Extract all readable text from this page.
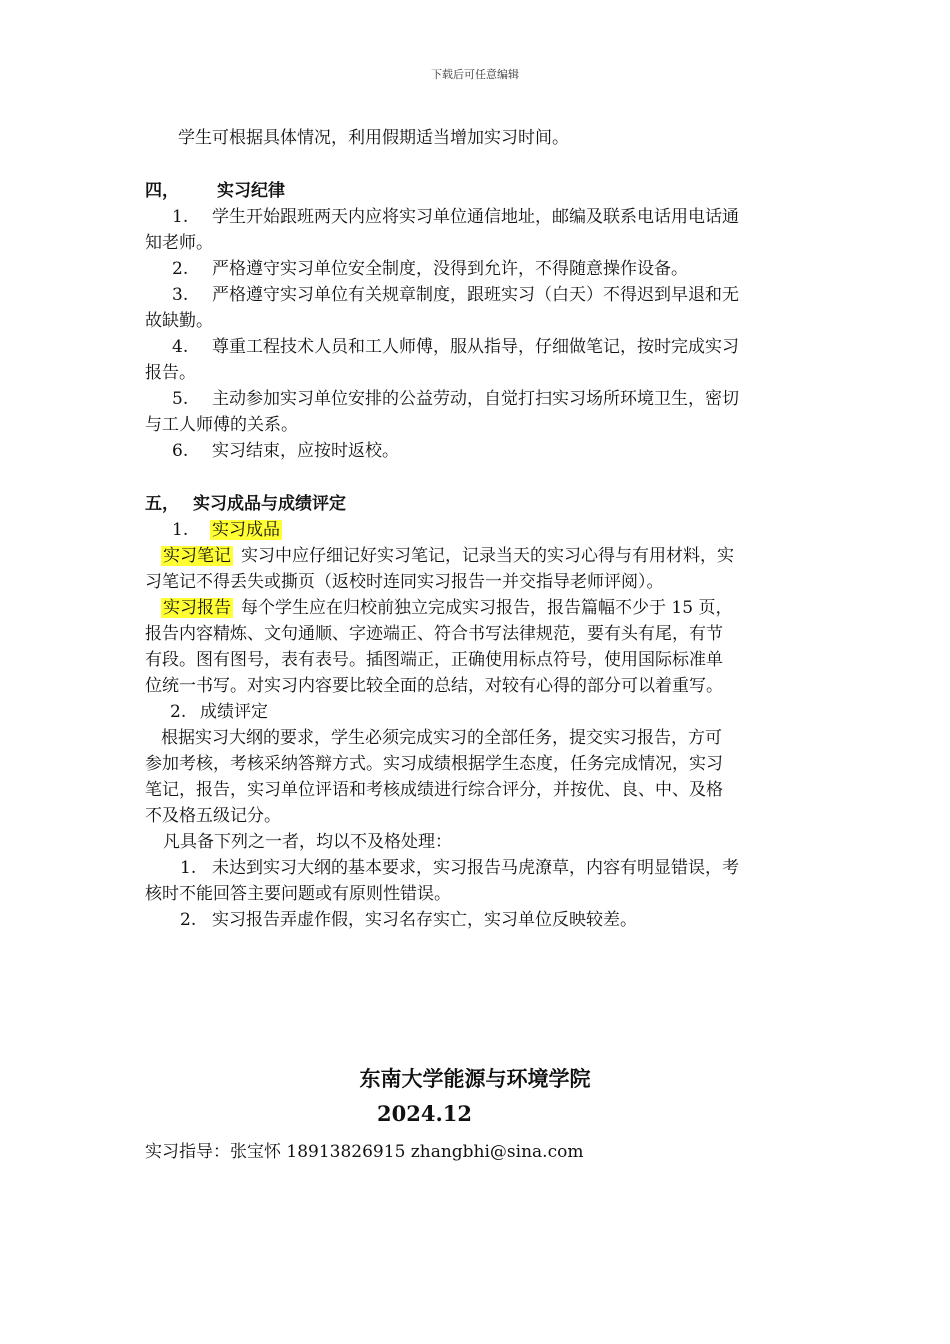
下载后可任意编辑
学生可根据具体情况，利用假期适当增加实习时间。
四， 实习纪律
1. 学生开始跟班两天内应将实习单位通信地址，邮编及联系电话用电话通
知老师。
2. 严格遵守实习单位安全制度，没得到允许，不得随意操作设备。
3. 严格遵守实习单位有关规章制度，跟班实习（白天）不得迟到早退和无
故缺勤。
4. 尊重工程技术人员和工人师傅，服从指导，仔细做笔记，按时完成实习
报告。
5. 主动参加实习单位安排的公益劳动，自觉打扫实习场所环境卫生，密切
与工人师傅的关系。
6. 实习结束，应按时返校。
五， 实习成品与成绩评定
1. 实习成品
实习笔记 实习中应仔细记好实习笔记，记录当天的实习心得与有用材料，实
习笔记不得丢失或撕页（返校时连同实习报告一并交指导老师评阅）。
实习报告 每个学生应在归校前独立完成实习报告，报告篇幅不少于 15 页，
报告内容精炼、文句通顺、字迹端正、符合书写法律规范，要有头有尾，有节
有段。图有图号，表有表号。插图端正，正确使用标点符号，使用国际标准单
位统一书写。对实习内容要比较全面的总结，对较有心得的部分可以着重写。
2. 成绩评定
根据实习大纲的要求，学生必须完成实习的全部任务，提交实习报告，方可
参加考核，考核采纳答辩方式。实习成绩根据学生态度，任务完成情况，实习
笔记，报告，实习单位评语和考核成绩进行综合评分，并按优、良、中、及格
不及格五级记分。
凡具备下列之一者，均以不及格处理：
1. 未达到实习大纲的基本要求，实习报告马虎潦草，内容有明显错误，考
核时不能回答主要问题或有原则性错误。
2. 实习报告弄虚作假，实习名存实亡，实习单位反映较差。
东南大学能源与环境学院
2024.12
实习指导：张宝怀 18913826915 zhangbhi@sina.com
